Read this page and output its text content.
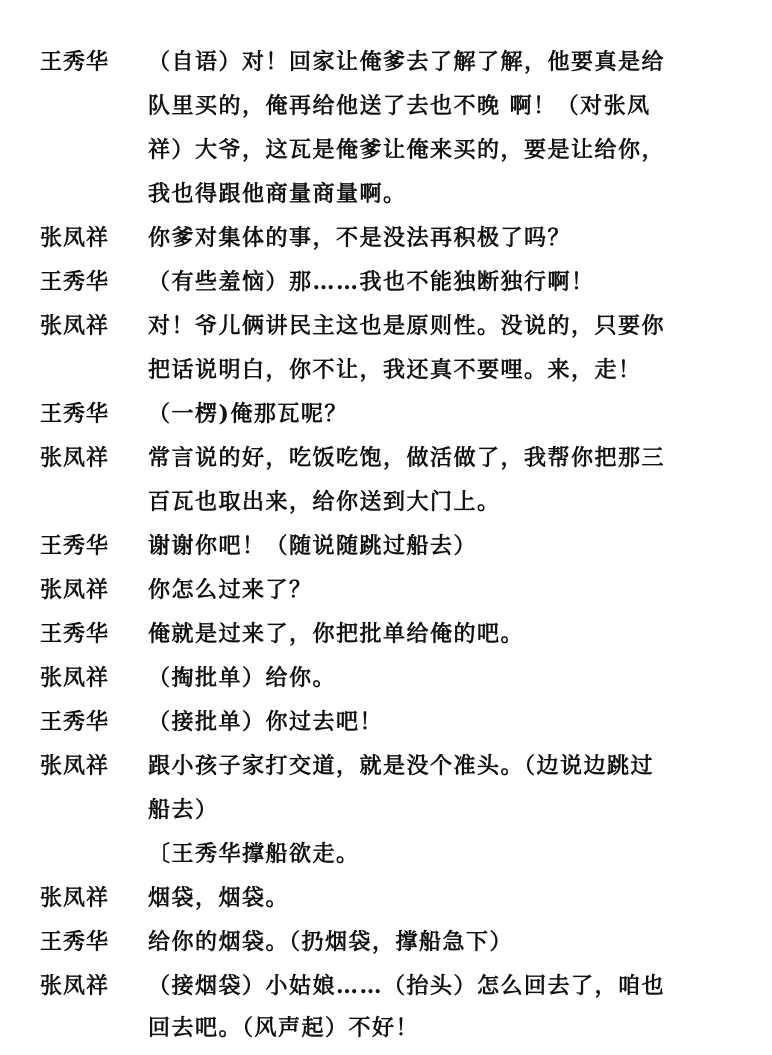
王秀华 （自语）对！回家让俺爹去了解了解，他要真是给
队里买的，俺再给他送了去也不晚 啊！（对张凤
祥）大爷，这瓦是俺爹让俺来买的，要是让给你，
我也得跟他商量商量啊。
张凤祥 你爹对集体的事，不是没法再积极了吗？
王秀华 （有些羞恼）那……我也不能独断独行啊！
张凤祥 对！爷儿俩讲民主这也是原则性。没说的，只要你
把话说明白，你不让，我还真不要哩。来，走！
王秀华 （一楞)俺那瓦呢？
张凤祥 常言说的好，吃饭吃饱，做活做了，我帮你把那三
百瓦也取出来，给你送到大门上。
王秀华 谢谢你吧！（随说随跳过船去）
张凤祥 你怎么过来了？
王秀华 俺就是过来了，你把批单给俺的吧。
张凤祥 （掏批单）给你。
王秀华 （接批单）你过去吧！
张凤祥 跟小孩子家打交道，就是没个准头。（边说边跳过
船去）
〔王秀华撑船欲走。
张凤祥 烟袋，烟袋。
王秀华 给你的烟袋。（扔烟袋，撑船急下）
张凤祥 （接烟袋）小姑娘……（抬头）怎么回去了，咱也
回去吧。（风声起）不好！
